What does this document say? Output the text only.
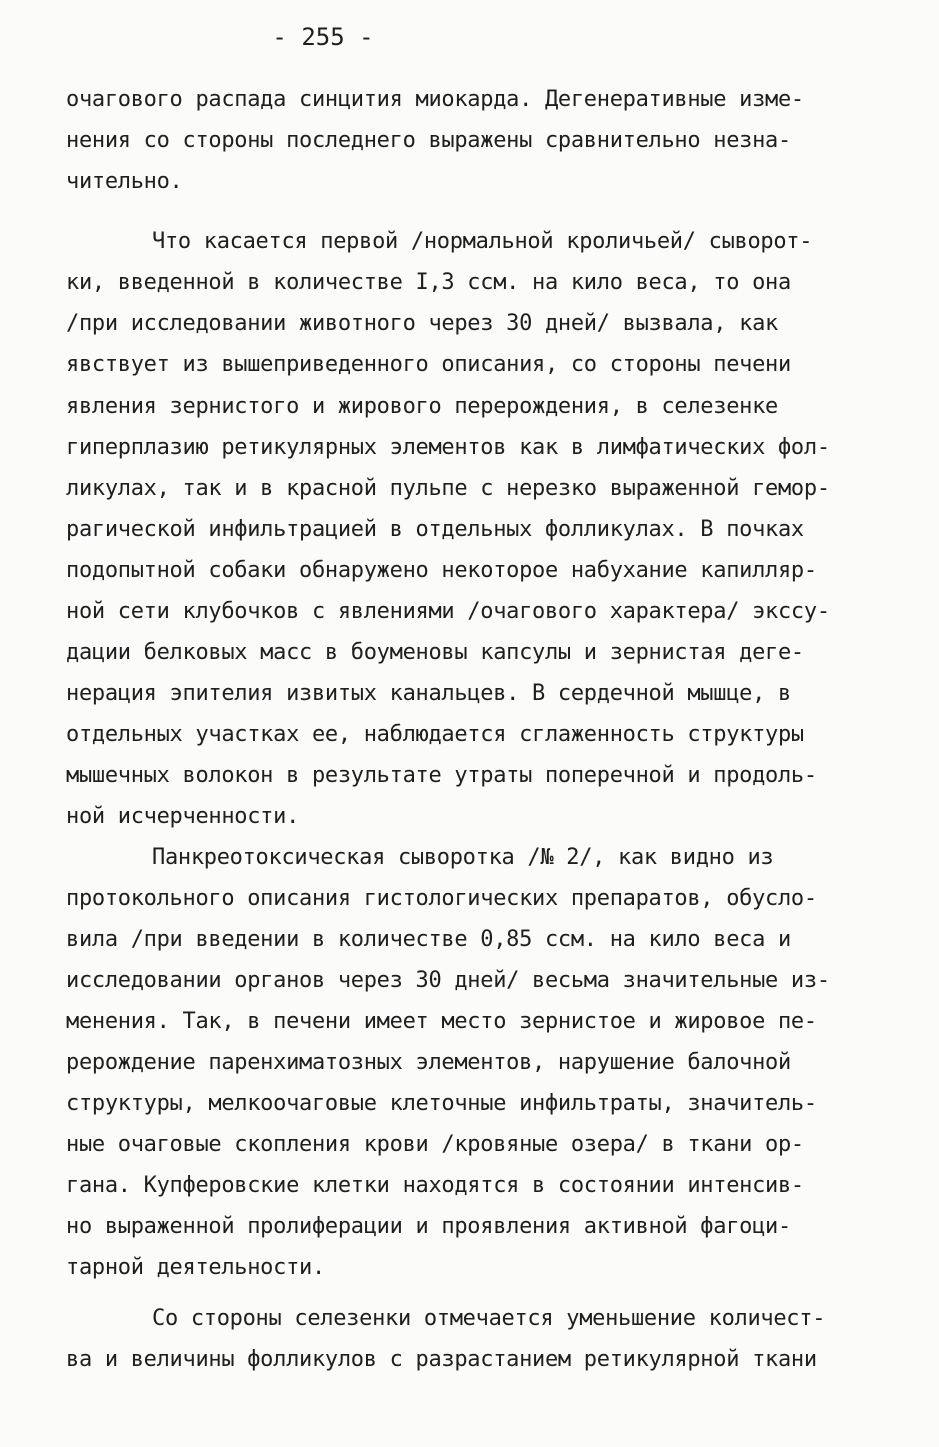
- 255 -
очагового распада синцития миокарда. Дегенеративные изме-
нения со стороны последнего выражены сравнительно незна-
чительно.
Что касается первой /нормальной кроличьей/ сыворот-
ки, введенной в количестве I,3 ссм. на кило веса, то она
/при исследовании животного через 30 дней/ вызвала, как
явствует из вышеприведенного описания, со стороны печени
явления зернистого и жирового перерождения, в селезенке
гиперплазию ретикулярных элементов как в лимфатических фол-
ликулах, так и в красной пульпе с нерезко выраженной гемор-
рагической инфильтрацией в отдельных фолликулах. В почках
подопытной собаки обнаружено некоторое набухание капилляр-
ной сети клубочков с явлениями /очагового характера/ экссу-
дации белковых масс в боуменовы капсулы и зернистая деге-
нерация эпителия извитых канальцев. В сердечной мышце, в
отдельных участках ее, наблюдается сглаженность структуры
мышечных волокон в результате утраты поперечной и продоль-
ной исчерченности.
Панкреотоксическая сыворотка /№ 2/, как видно из
протокольного описания гистологических препаратов, обусло-
вила /при введении в количестве 0,85 ссм. на кило веса и
исследовании органов через 30 дней/ весьма значительные из-
менения. Так, в печени имеет место зернистое и жировое пе-
рерождение паренхиматозных элементов, нарушение балочной
структуры, мелкоочаговые клеточные инфильтраты, значитель-
ные очаговые скопления крови /кровяные озера/ в ткани ор-
гана. Купферовские клетки находятся в состоянии интенсив-
но выраженной пролиферации и проявления активной фагоци-
тарной деятельности.
Со стороны селезенки отмечается уменьшение количест-
ва и величины фолликулов с разрастанием ретикулярной ткани
